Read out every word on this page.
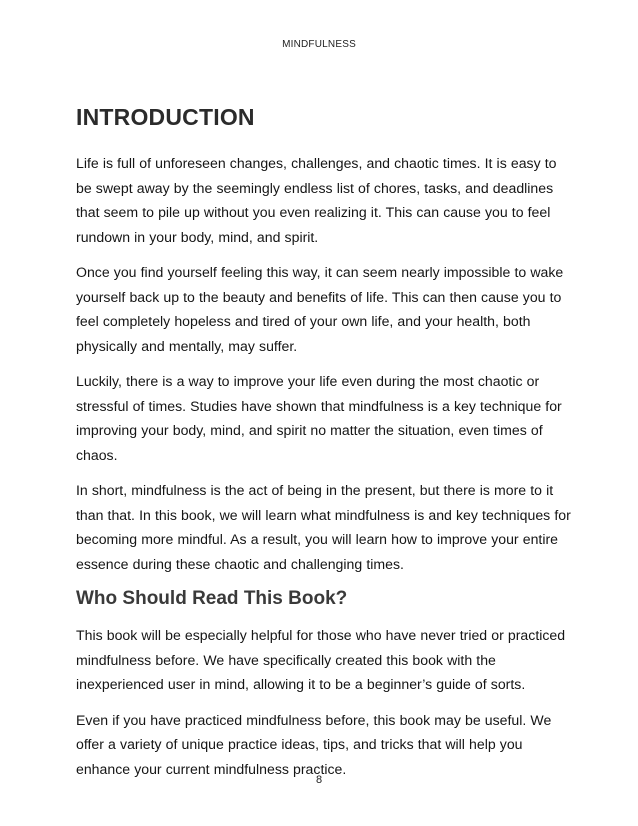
MINDFULNESS
INTRODUCTION

Life is full of unforeseen changes, challenges, and chaotic times. It is easy to be swept away by the seemingly endless list of chores, tasks, and deadlines that seem to pile up without you even realizing it. This can cause you to feel rundown in your body, mind, and spirit.

Once you find yourself feeling this way, it can seem nearly impossible to wake yourself back up to the beauty and benefits of life. This can then cause you to feel completely hopeless and tired of your own life, and your health, both physically and mentally, may suffer.

Luckily, there is a way to improve your life even during the most chaotic or stressful of times. Studies have shown that mindfulness is a key technique for improving your body, mind, and spirit no matter the situation, even times of chaos.

In short, mindfulness is the act of being in the present, but there is more to it than that. In this book, we will learn what mindfulness is and key techniques for becoming more mindful. As a result, you will learn how to improve your entire essence during these chaotic and challenging times.

Who Should Read This Book?

This book will be especially helpful for those who have never tried or practiced mindfulness before. We have specifically created this book with the inexperienced user in mind, allowing it to be a beginner’s guide of sorts.

Even if you have practiced mindfulness before, this book may be useful. We offer a variety of unique practice ideas, tips, and tricks that will help you enhance your current mindfulness practice.

8
